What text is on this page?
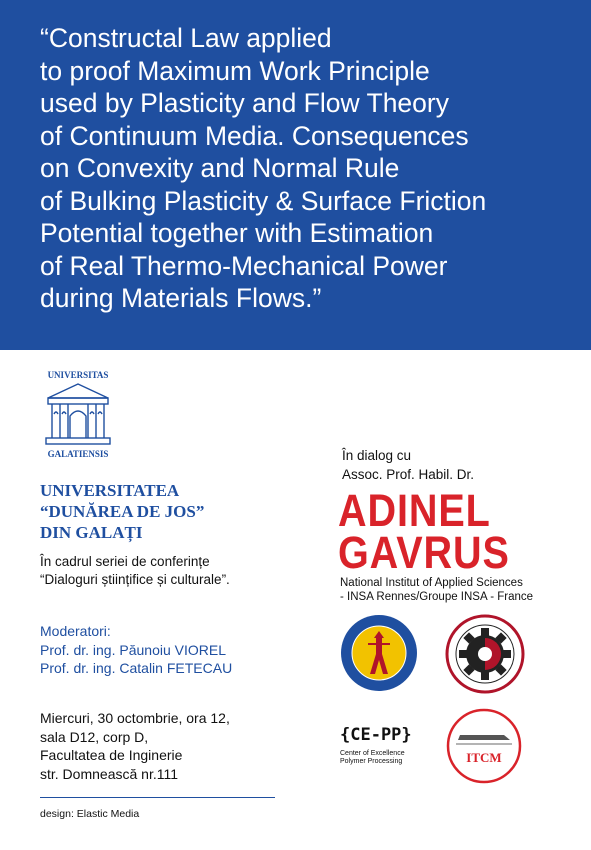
“Constructal Law applied
to proof Maximum Work Principle
used by Plasticity and Flow Theory
of Continuum Media. Consequences
on Convexity and Normal Rule
of Bulking Plasticity & Surface Friction
Potential together with Estimation
of Real Thermo-Mechanical Power
during Materials Flows.”
UNIVERSITAS
GALATIENSIS
UNIVERSITATEA
“DUNĂREA DE JOS”
DIN GALAȚI
În cadrul seriei de conferințe
“Dialoguri științifice și culturale”.
Moderatori:
Prof. dr. ing. Păunoiu VIOREL
Prof. dr. ing. Catalin FETECAU
Miercuri, 30 octombrie, ora 12,
sala D12, corp D,
Facultatea de Inginerie
str. Domnească nr.111
design: Elastic Media
În dialog cu
Assoc. Prof. Habil. Dr.
ADINEL
GAVRUS
National Institut of Applied Sciences
- INSA Rennes/Groupe INSA - France
{CE-PP}
Center of Excellence
Polymer Processing	ITCM
